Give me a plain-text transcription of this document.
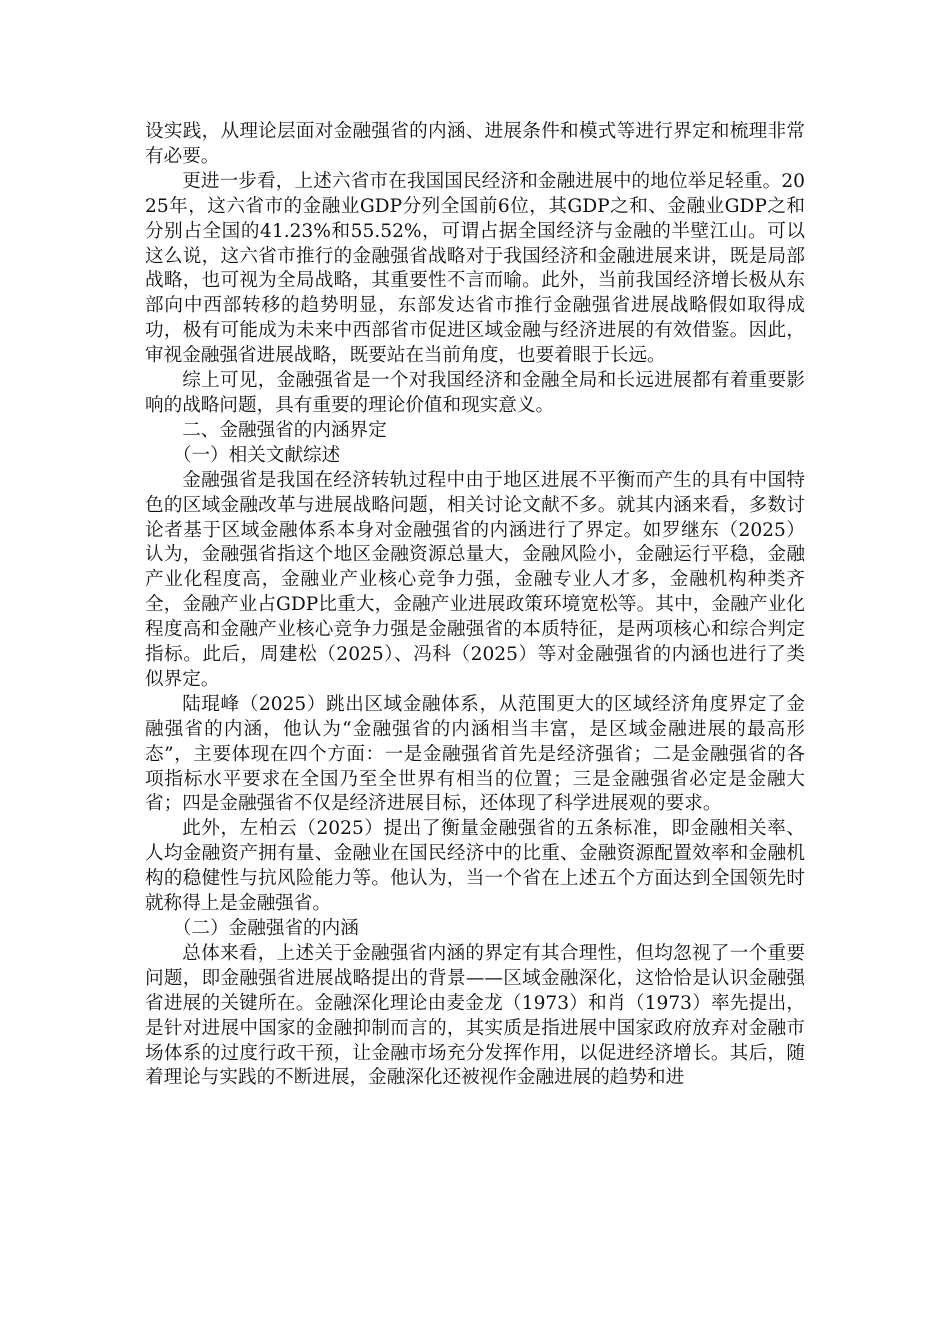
设实践，从理论层面对金融强省的内涵、进展条件和模式等进行界定和梳理非常有必要。

更进一步看，上述六省市在我国国民经济和金融进展中的地位举足轻重。2025年，这六省市的金融业GDP分列全国前6位，其GDP之和、金融业GDP之和分别占全国的41.23%和55.52%，可谓占据全国经济与金融的半壁江山。可以这么说，这六省市推行的金融强省战略对于我国经济和金融进展来讲，既是局部战略，也可视为全局战略，其重要性不言而喻。此外，当前我国经济增长极从东部向中西部转移的趋势明显，东部发达省市推行金融强省进展战略假如取得成功，极有可能成为未来中西部省市促进区域金融与经济进展的有效借鉴。因此，审视金融强省进展战略，既要站在当前角度，也要着眼于长远。

综上可见，金融强省是一个对我国经济和金融全局和长远进展都有着重要影响的战略问题，具有重要的理论价值和现实意义。

二、金融强省的内涵界定

（一）相关文献综述

金融强省是我国在经济转轨过程中由于地区进展不平衡而产生的具有中国特色的区域金融改革与进展战略问题，相关讨论文献不多。就其内涵来看，多数讨论者基于区域金融体系本身对金融强省的内涵进行了界定。如罗继东（2025）认为，金融强省指这个地区金融资源总量大，金融风险小，金融运行平稳，金融产业化程度高，金融业产业核心竞争力强，金融专业人才多，金融机构种类齐全，金融产业占GDP比重大，金融产业进展政策环境宽松等。其中，金融产业化程度高和金融产业核心竞争力强是金融强省的本质特征，是两项核心和综合判定指标。此后，周建松（2025）、冯科（2025）等对金融强省的内涵也进行了类似界定。

陆琨峰（2025）跳出区域金融体系，从范围更大的区域经济角度界定了金融强省的内涵，他认为“金融强省的内涵相当丰富，是区域金融进展的最高形态”，主要体现在四个方面：一是金融强省首先是经济强省；二是金融强省的各项指标水平要求在全国乃至全世界有相当的位置；三是金融强省必定是金融大省；四是金融强省不仅是经济进展目标，还体现了科学进展观的要求。

此外，左柏云（2025）提出了衡量金融强省的五条标准，即金融相关率、人均金融资产拥有量、金融业在国民经济中的比重、金融资源配置效率和金融机构的稳健性与抗风险能力等。他认为，当一个省在上述五个方面达到全国领先时就称得上是金融强省。

（二）金融强省的内涵

总体来看，上述关于金融强省内涵的界定有其合理性，但均忽视了一个重要问题，即金融强省进展战略提出的背景——区域金融深化，这恰恰是认识金融强省进展的关键所在。金融深化理论由麦金龙（1973）和肖（1973）率先提出，是针对进展中国家的金融抑制而言的，其实质是指进展中国家政府放弃对金融市场体系的过度行政干预，让金融市场充分发挥作用，以促进经济增长。其后，随着理论与实践的不断进展，金融深化还被视作金融进展的趋势和进
